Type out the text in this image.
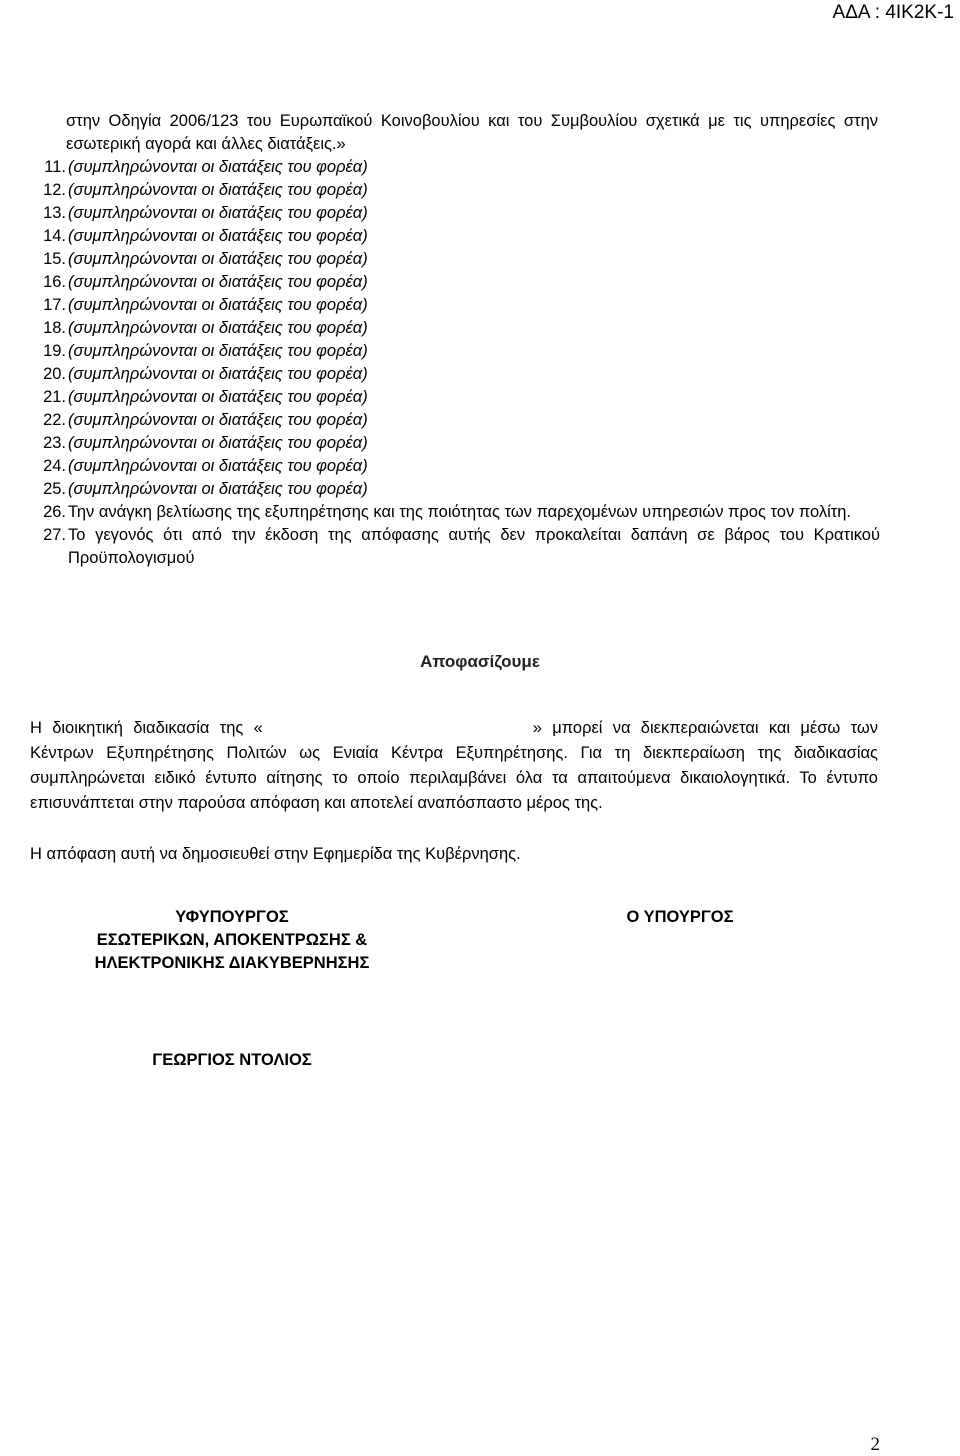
ΑΔΑ : 4ΙΚ2Κ-1
στην Οδηγία 2006/123 του Ευρωπαϊκού Κοινοβουλίου και του Συμβουλίου σχετικά με τις υπηρεσίες στην εσωτερική αγορά και άλλες διατάξεις.»
11. (συμπληρώνονται οι διατάξεις του φορέα)
12. (συμπληρώνονται οι διατάξεις του φορέα)
13. (συμπληρώνονται οι διατάξεις του φορέα)
14. (συμπληρώνονται οι διατάξεις του φορέα)
15. (συμπληρώνονται οι διατάξεις του φορέα)
16. (συμπληρώνονται οι διατάξεις του φορέα)
17. (συμπληρώνονται οι διατάξεις του φορέα)
18. (συμπληρώνονται οι διατάξεις του φορέα)
19. (συμπληρώνονται οι διατάξεις του φορέα)
20. (συμπληρώνονται οι διατάξεις του φορέα)
21. (συμπληρώνονται οι διατάξεις του φορέα)
22. (συμπληρώνονται οι διατάξεις του φορέα)
23. (συμπληρώνονται οι διατάξεις του φορέα)
24. (συμπληρώνονται οι διατάξεις του φορέα)
25. (συμπληρώνονται οι διατάξεις του φορέα)
26. Την ανάγκη βελτίωσης της εξυπηρέτησης και της ποιότητας των παρεχομένων υπηρεσιών προς τον πολίτη.
27. Το γεγονός ότι από την έκδοση της απόφασης αυτής δεν προκαλείται δαπάνη σε βάρος του Κρατικού Προϋπολογισμού
Αποφασίζουμε
Η διοικητική διαδικασία της «	» μπορεί να διεκπεραιώνεται και μέσω των Κέντρων Εξυπηρέτησης Πολιτών ως Ενιαία Κέντρα Εξυπηρέτησης. Για τη διεκπεραίωση της διαδικασίας συμπληρώνεται ειδικό έντυπο αίτησης το οποίο περιλαμβάνει όλα τα απαιτούμενα δικαιολογητικά. Το έντυπο επισυνάπτεται στην παρούσα απόφαση και αποτελεί αναπόσπαστο μέρος της.
Η απόφαση αυτή να δημοσιευθεί στην Εφημερίδα της Κυβέρνησης.
ΥΦΥΠΟΥΡΓΟΣ
ΕΣΩΤΕΡΙΚΩΝ, ΑΠΟΚΕΝΤΡΩΣΗΣ &
ΗΛΕΚΤΡΟΝΙΚΗΣ ΔΙΑΚΥΒΕΡΝΗΣΗΣ
Ο ΥΠΟΥΡΓΟΣ
ΓΕΩΡΓΙΟΣ ΝΤΟΛΙΟΣ
2
